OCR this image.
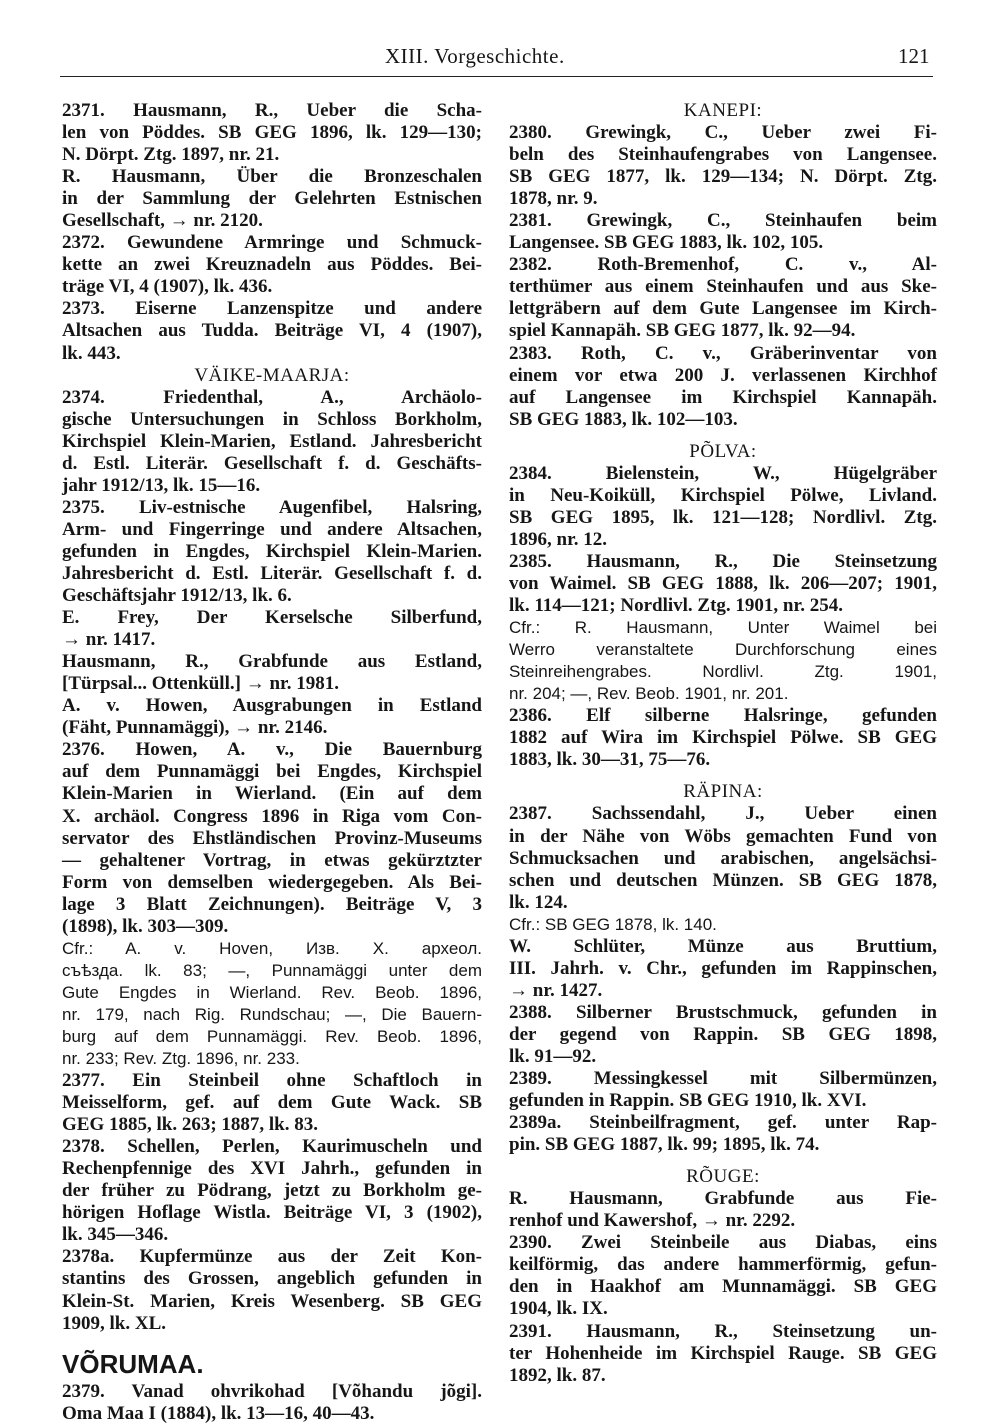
XIII. Vorgeschichte.	121
2371. Hausmann, R., Ueber die Scha-
len von Pöddes. SB GEG 1896, lk. 129—130;
N. Dörpt. Ztg. 1897, nr. 21.
R. Hausmann, Über die Bronzeschalen
in der Sammlung der Gelehrten Estnischen
Gesellschaft, → nr. 2120.
2372. Gewundene Armringe und Schmuck-
kette an zwei Kreuznadeln aus Pöddes. Bei-
träge VI, 4 (1907), lk. 436.
2373. Eiserne Lanzenspitze und andere
Altsachen aus Tudda. Beiträge VI, 4 (1907),
lk. 443.
VÄIKE-MAARJA:
2374. Friedenthal, A., Archäolo-
gische Untersuchungen in Schloss Borkholm,
Kirchspiel Klein-Marien, Estland. Jahresbericht
d. Estl. Literär. Gesellschaft f. d. Geschäfts-
jahr 1912/13, lk. 15—16.
2375. Liv-estnische Augenfibel, Halsring,
Arm- und Fingerringe und andere Altsachen,
gefunden in Engdes, Kirchspiel Klein-Marien.
Jahresbericht d. Estl. Literär. Gesellschaft f. d.
Geschäftsjahr 1912/13, lk. 6.
E. Frey, Der Kerselsche Silberfund,
→ nr. 1417.
Hausmann, R., Grabfunde aus Estland,
[Türpsal... Ottenküll.] → nr. 1981.
A. v. Howen, Ausgrabungen in Estland
(Fäht, Punnamäggi), → nr. 2146.
2376. Howen, A. v., Die Bauernburg
auf dem Punnamäggi bei Engdes, Kirchspiel
Klein-Marien in Wierland. (Ein auf dem
X. archäol. Congress 1896 in Riga vom Con-
servator des Ehstländischen Provinz-Museums
— gehaltener Vortrag, in etwas gekürztzter
Form von demselben wiedergegeben. Als Bei-
lage 3 Blatt Zeichnungen). Beiträge V, 3
(1898), lk. 303—309.
Cfr.: A. v. Hoven, Изв. X. археол.
съѣзда. lk. 83; —, Punnamäggi unter dem
Gute Engdes in Wierland. Rev. Beob. 1896,
nr. 179, nach Rig. Rundschau; —, Die Bauern-
burg auf dem Punnamäggi. Rev. Beob. 1896,
nr. 233; Rev. Ztg. 1896, nr. 233.
2377. Ein Steinbeil ohne Schaftloch in
Meisselform, gef. auf dem Gute Wack. SB
GEG 1885, lk. 263; 1887, lk. 83.
2378. Schellen, Perlen, Kaurimuscheln und
Rechenpfennige des XVI Jahrh., gefunden in
der früher zu Pödrang, jetzt zu Borkholm ge-
hörigen Hoflage Wistla. Beiträge VI, 3 (1902),
lk. 345—346.
2378a. Kupfermünze aus der Zeit Kon-
stantins des Grossen, angeblich gefunden in
Klein-St. Marien, Kreis Wesenberg. SB GEG
1909, lk. XL.
VÕRUMAA.
2379. Vanad ohvrikohad [Võhandu jõgi].
Oma Maa I (1884), lk. 13—16, 40—43.
KANEPI:
2380. Grewingk, C., Ueber zwei Fi-
beln des Steinhaufengrabes von Langensee.
SB GEG 1877, lk. 129—134; N. Dörpt. Ztg.
1878, nr. 9.
2381. Grewingk, C., Steinhaufen beim
Langensee. SB GEG 1883, lk. 102, 105.
2382. Roth-Bremenhof, C. v., Al-
terthümer aus einem Steinhaufen und aus Ske-
lettgräbern auf dem Gute Langensee im Kirch-
spiel Kannapäh. SB GEG 1877, lk. 92—94.
2383. Roth, C. v., Gräberinventar von
einem vor etwa 200 J. verlassenen Kirchhof
auf Langensee im Kirchspiel Kannapäh.
SB GEG 1883, lk. 102—103.
PÕLVA:
2384. Bielenstein, W., Hügelgräber
in Neu-Koiküll, Kirchspiel Pölwe, Livland.
SB GEG 1895, lk. 121—128; Nordlivl. Ztg.
1896, nr. 12.
2385. Hausmann, R., Die Steinsetzung
von Waimel. SB GEG 1888, lk. 206—207; 1901,
lk. 114—121; Nordlivl. Ztg. 1901, nr. 254.
Cfr.: R. Hausmann, Unter Waimel bei
Werro veranstaltete Durchforschung eines
Steinreihengrabes. Nordlivl. Ztg. 1901,
nr. 204; —, Rev. Beob. 1901, nr. 201.
2386. Elf silberne Halsringe, gefunden
1882 auf Wira im Kirchspiel Pölwe. SB GEG
1883, lk. 30—31, 75—76.
RÄPINA:
2387. Sachssendahl, J., Ueber einen
in der Nähe von Wöbs gemachten Fund von
Schmucksachen und arabischen, angelsächsi-
schen und deutschen Münzen. SB GEG 1878,
lk. 124.
Cfr.: SB GEG 1878, lk. 140.
W. Schlüter, Münze aus Bruttium,
III. Jahrh. v. Chr., gefunden im Rappinschen,
→ nr. 1427.
2388. Silberner Brustschmuck, gefunden in
der gegend von Rappin. SB GEG 1898,
lk. 91—92.
2389. Messingkessel mit Silbermünzen,
gefunden in Rappin. SB GEG 1910, lk. XVI.
2389a. Steinbeilfragment, gef. unter Rap-
pin. SB GEG 1887, lk. 99; 1895, lk. 74.
RÕUGE:
R. Hausmann, Grabfunde aus Fie-
renhof und Kawershof, → nr. 2292.
2390. Zwei Steinbeile aus Diabas, eins
keilförmig, das andere hammerförmig, gefun-
den in Haakhof am Munnamäggi. SB GEG
1904, lk. IX.
2391. Hausmann, R., Steinsetzung un-
ter Hohenheide im Kirchspiel Rauge. SB GEG
1892, lk. 87.
